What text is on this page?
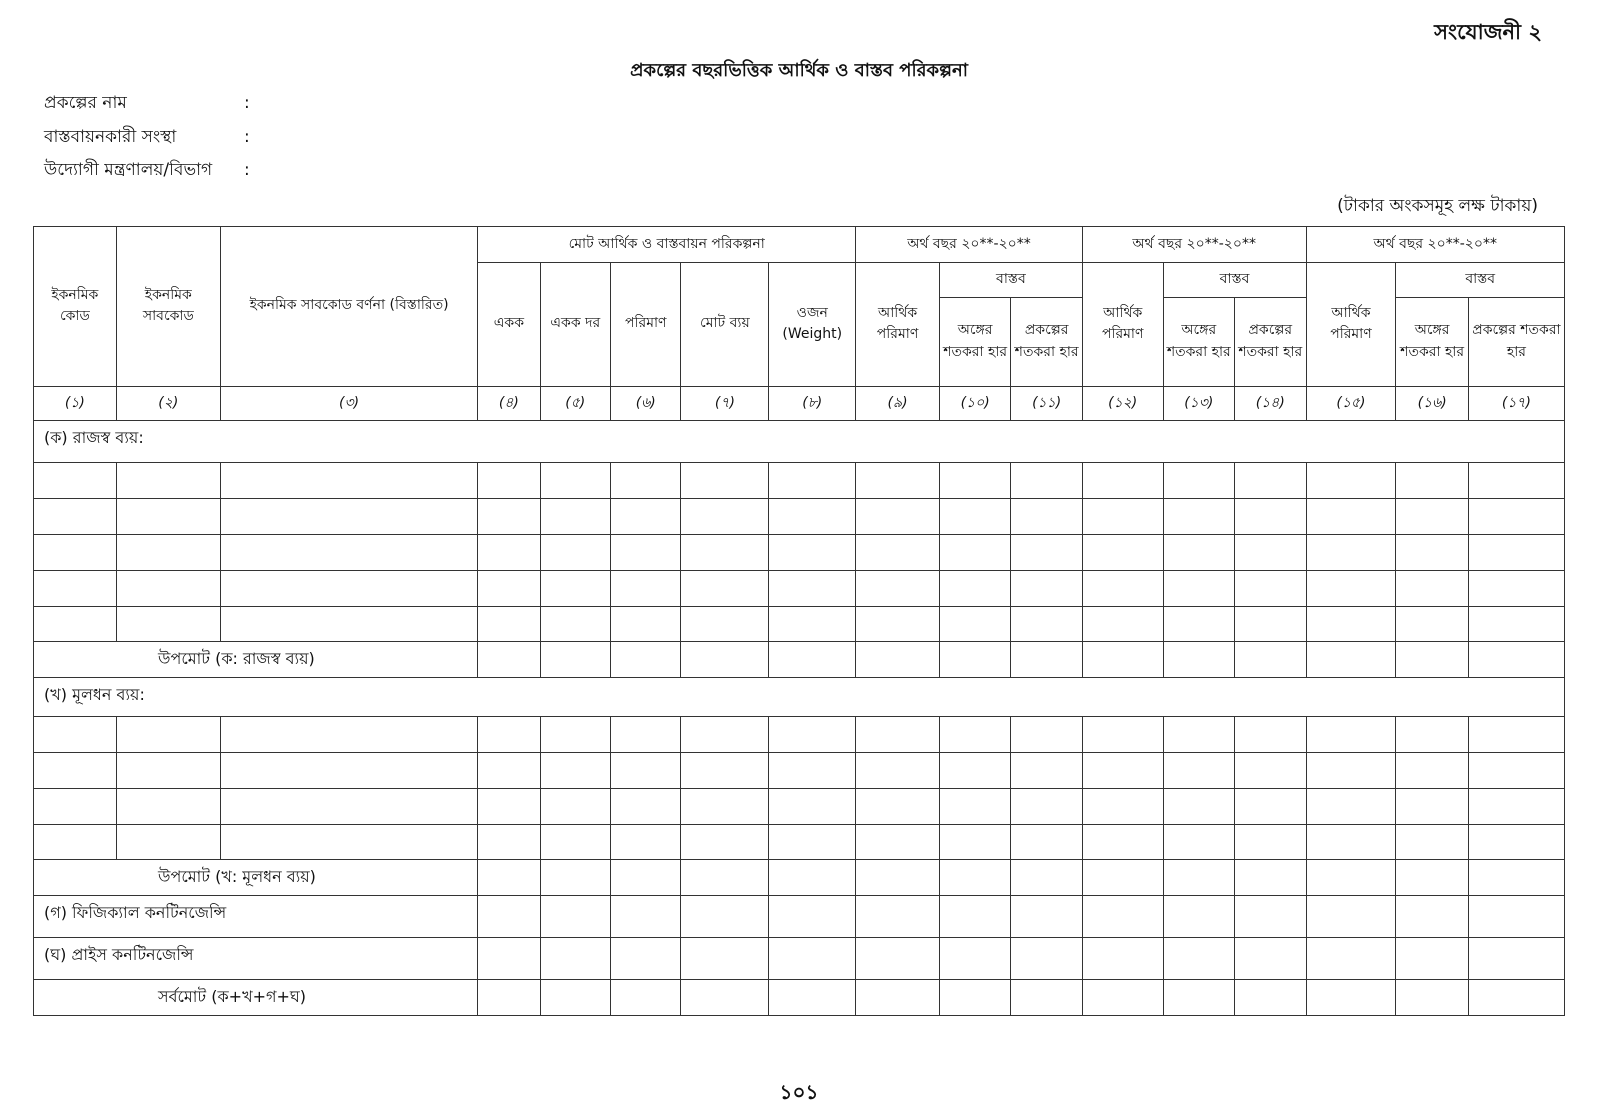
সংযোজনী ২
প্রকল্পের বছরভিত্তিক আর্থিক ও বাস্তব পরিকল্পনা
প্রকল্পের নাম	:
বাস্তবায়নকারী সংস্থা	:
উদ্যোগী মন্ত্রণালয়/বিভাগ :
(টাকার অংকসমূহ লক্ষ টাকায়)
ইকনমিক কোড	ইকনমিক সাবকোড	ইকনমিক সাবকোড বর্ণনা (বিস্তারিত)	মোট আর্থিক ও বাস্তবায়ন পরিকল্পনা					অর্থ বছর ২০**-২০**			অর্থ বছর ২০**-২০**			অর্থ বছর ২০**-২০**		
			একক	একক দর	পরিমাণ	মোট ব্যয়	ওজন (Weight)	আর্থিক পরিমাণ	বাস্তব		আর্থিক পরিমাণ	বাস্তব		আর্থিক পরিমাণ	বাস্তব	
									অঙ্গের শতকরা হার	প্রকল্পের শতকরা হার		অঙ্গের শতকরা হার	প্রকল্পের শতকরা হার		অঙ্গের শতকরা হার	প্রকল্পের শতকরা হার
(১)	(২)	(৩)	(৪)	(৫)	(৬)	(৭)	(৮)	(৯)	(১০)	(১১)	(১২)	(১৩)	(১৪)	(১৫)	(১৬)	(১৭)
(ক) রাজস্ব ব্যয়:																

উপমোট (ক: রাজস্ব ব্যয়)																
(খ) মূলধন ব্যয়:																

উপমোট (খ: মূলধন ব্যয়)																
(গ) ফিজিক্যাল কনটিনজেন্সি																
(ঘ) প্রাইস কনটিনজেন্সি																
সর্বমোট (ক+খ+গ+ঘ)																
১০১
